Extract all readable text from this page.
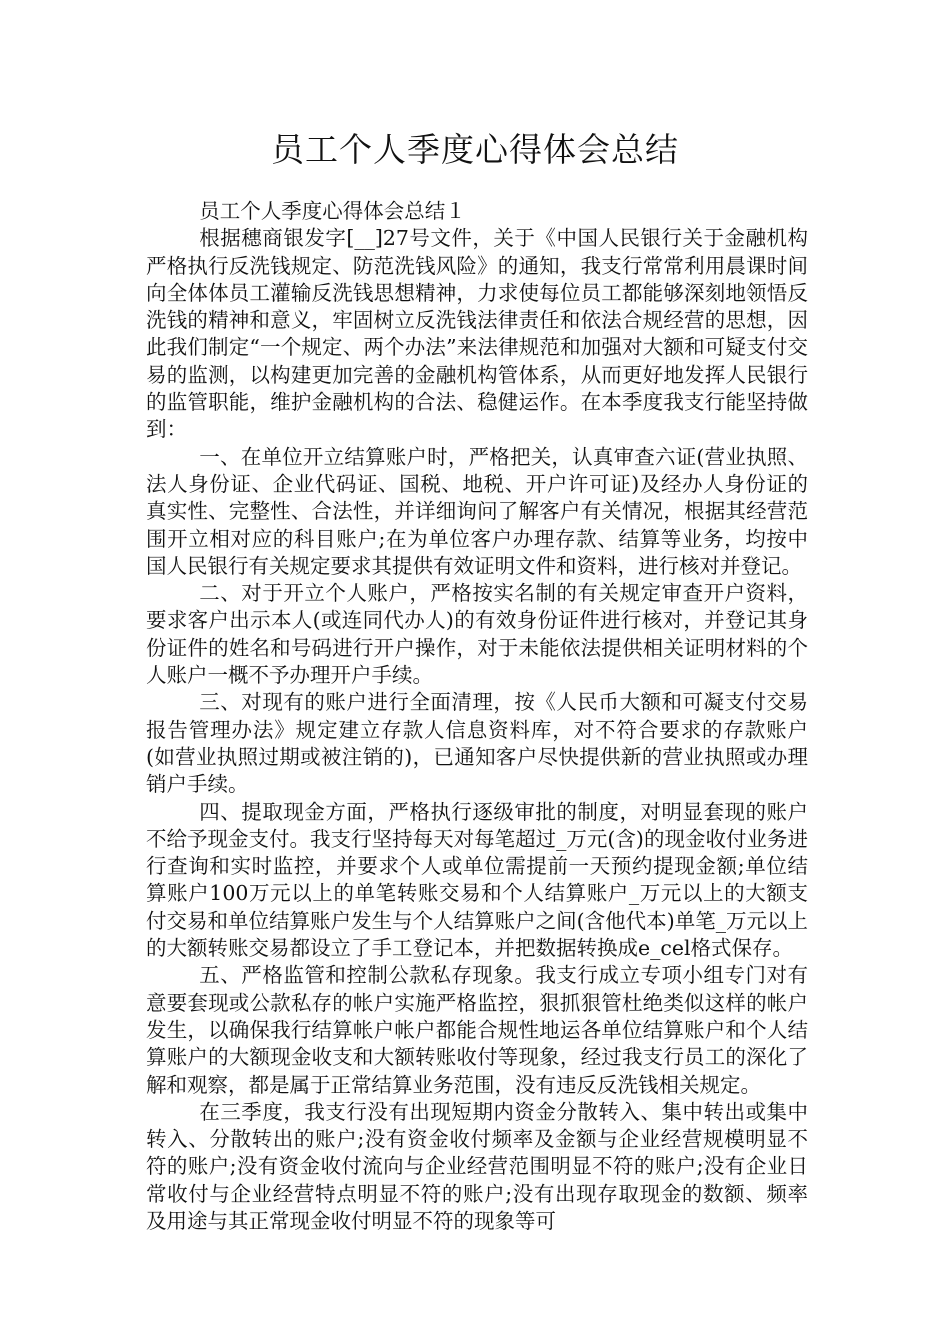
员工个人季度心得体会总结

员工个人季度心得体会总结１

根据穗商银发字[__]27号文件，关于《中国人民银行关于金融机构严格执行反洗钱规定、防范洗钱风险》的通知，我支行常常利用晨课时间向全体体员工灌输反洗钱思想精神，力求使每位员工都能够深刻地领悟反洗钱的精神和意义，牢固树立反洗钱法律责任和依法合规经营的思想，因此我们制定“一个规定、两个办法”来法律规范和加强对大额和可疑支付交易的监测，以构建更加完善的金融机构管体系，从而更好地发挥人民银行的监管职能，维护金融机构的合法、稳健运作。在本季度我支行能坚持做到：

一、在单位开立结算账户时，严格把关，认真审查六证(营业执照、法人身份证、企业代码证、国税、地税、开户许可证)及经办人身份证的真实性、完整性、合法性，并详细询问了解客户有关情况，根据其经营范围开立相对应的科目账户;在为单位客户办理存款、结算等业务，均按中国人民银行有关规定要求其提供有效证明文件和资料，进行核对并登记。

二、对于开立个人账户，严格按实名制的有关规定审查开户资料，要求客户出示本人(或连同代办人)的有效身份证件进行核对，并登记其身份证件的姓名和号码进行开户操作，对于未能依法提供相关证明材料的个人账户一概不予办理开户手续。

三、对现有的账户进行全面清理，按《人民币大额和可凝支付交易报告管理办法》规定建立存款人信息资料库，对不符合要求的存款账户(如营业执照过期或被注销的)，已通知客户尽快提供新的营业执照或办理销户手续。

四、提取现金方面，严格执行逐级审批的制度，对明显套现的账户不给予现金支付。我支行坚持每天对每笔超过_万元(含)的现金收付业务进行查询和实时监控，并要求个人或单位需提前一天预约提现金额;单位结算账户100万元以上的单笔转账交易和个人结算账户_万元以上的大额支付交易和单位结算账户发生与个人结算账户之间(含他代本)单笔_万元以上的大额转账交易都设立了手工登记本，并把数据转换成e_cel格式保存。

五、严格监管和控制公款私存现象。我支行成立专项小组专门对有意要套现或公款私存的帐户实施严格监控，狠抓狠管杜绝类似这样的帐户发生，以确保我行结算帐户帐户都能合规性地运各单位结算账户和个人结算账户的大额现金收支和大额转账收付等现象，经过我支行员工的深化了解和观察，都是属于正常结算业务范围，没有违反反洗钱相关规定。

在三季度，我支行没有出现短期内资金分散转入、集中转出或集中转入、分散转出的账户;没有资金收付频率及金额与企业经营规模明显不符的账户;没有资金收付流向与企业经营范围明显不符的账户;没有企业日常收付与企业经营特点明显不符的账户;没有出现存取现金的数额、频率及用途与其正常现金收付明显不符的现象等可
